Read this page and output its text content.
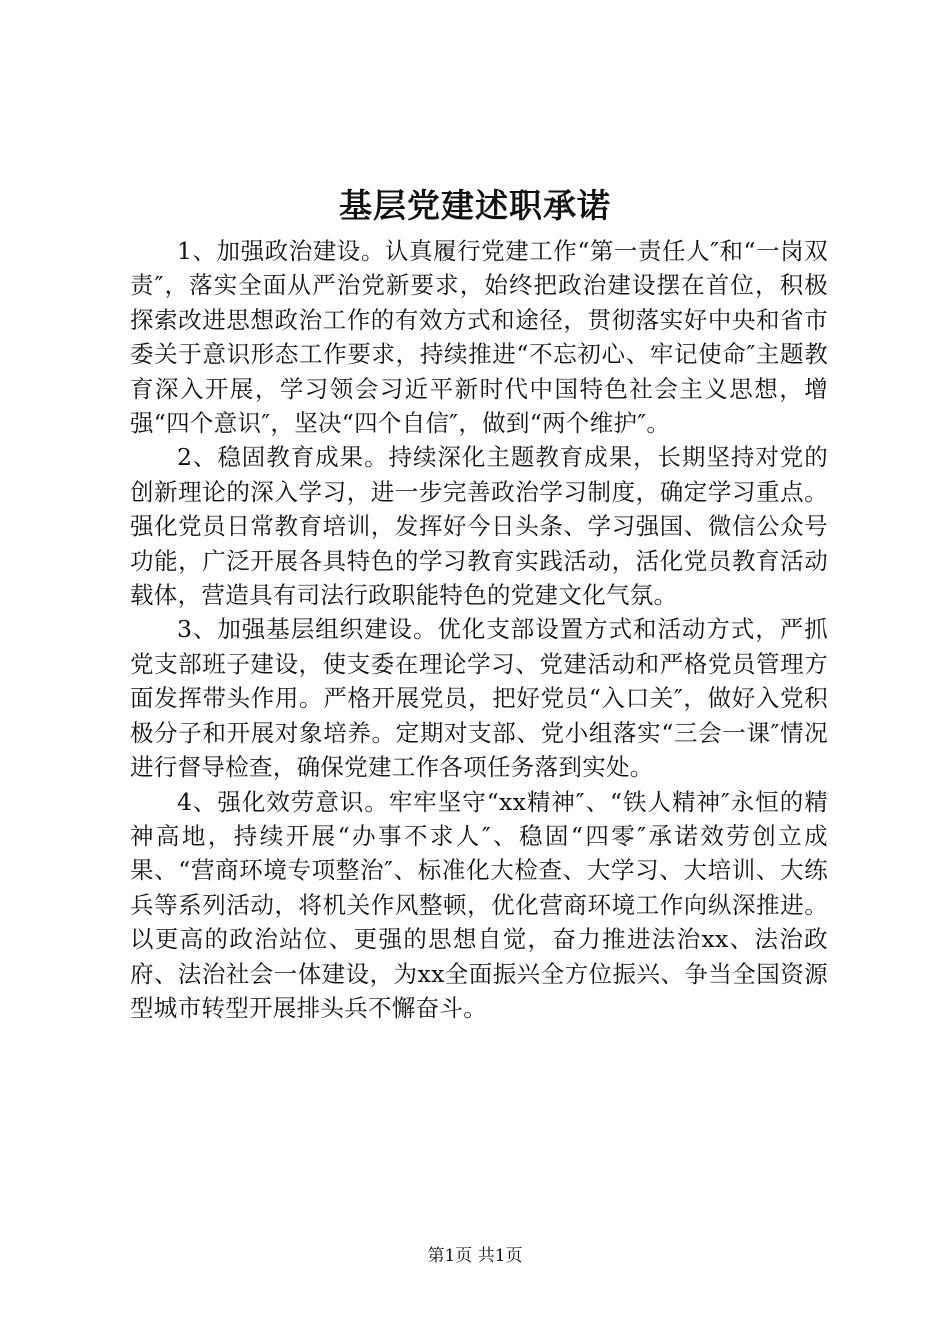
基层党建述职承诺

1、加强政治建设。认真履行党建工作“第一责任人″和“一岗双责″，落实全面从严治党新要求，始终把政治建设摆在首位，积极探索改进思想政治工作的有效方式和途径，贯彻落实好中央和省市委关于意识形态工作要求，持续推进“不忘初心、牢记使命″主题教育深入开展，学习领会习近平新时代中国特色社会主义思想，增强“四个意识″，坚决“四个自信″，做到“两个维护″。

2、稳固教育成果。持续深化主题教育成果，长期坚持对党的创新理论的深入学习，进一步完善政治学习制度，确定学习重点。强化党员日常教育培训，发挥好今日头条、学习强国、微信公众号功能，广泛开展各具特色的学习教育实践活动，活化党员教育活动载体，营造具有司法行政职能特色的党建文化气氛。

3、加强基层组织建设。优化支部设置方式和活动方式，严抓党支部班子建设，使支委在理论学习、党建活动和严格党员管理方面发挥带头作用。严格开展党员，把好党员“入口关″，做好入党积极分子和开展对象培养。定期对支部、党小组落实“三会一课″情况进行督导检查，确保党建工作各项任务落到实处。

4、强化效劳意识。牢牢坚守“xx精神″、“铁人精神″永恒的精神高地，持续开展“办事不求人″、稳固“四零″承诺效劳创立成果、“营商环境专项整治″、标准化大检查、大学习、大培训、大练兵等系列活动，将机关作风整顿，优化营商环境工作向纵深推进。以更高的政治站位、更强的思想自觉，奋力推进法治xx、法治政府、法治社会一体建设，为xx全面振兴全方位振兴、争当全国资源型城市转型开展排头兵不懈奋斗。

第1页 共1页
